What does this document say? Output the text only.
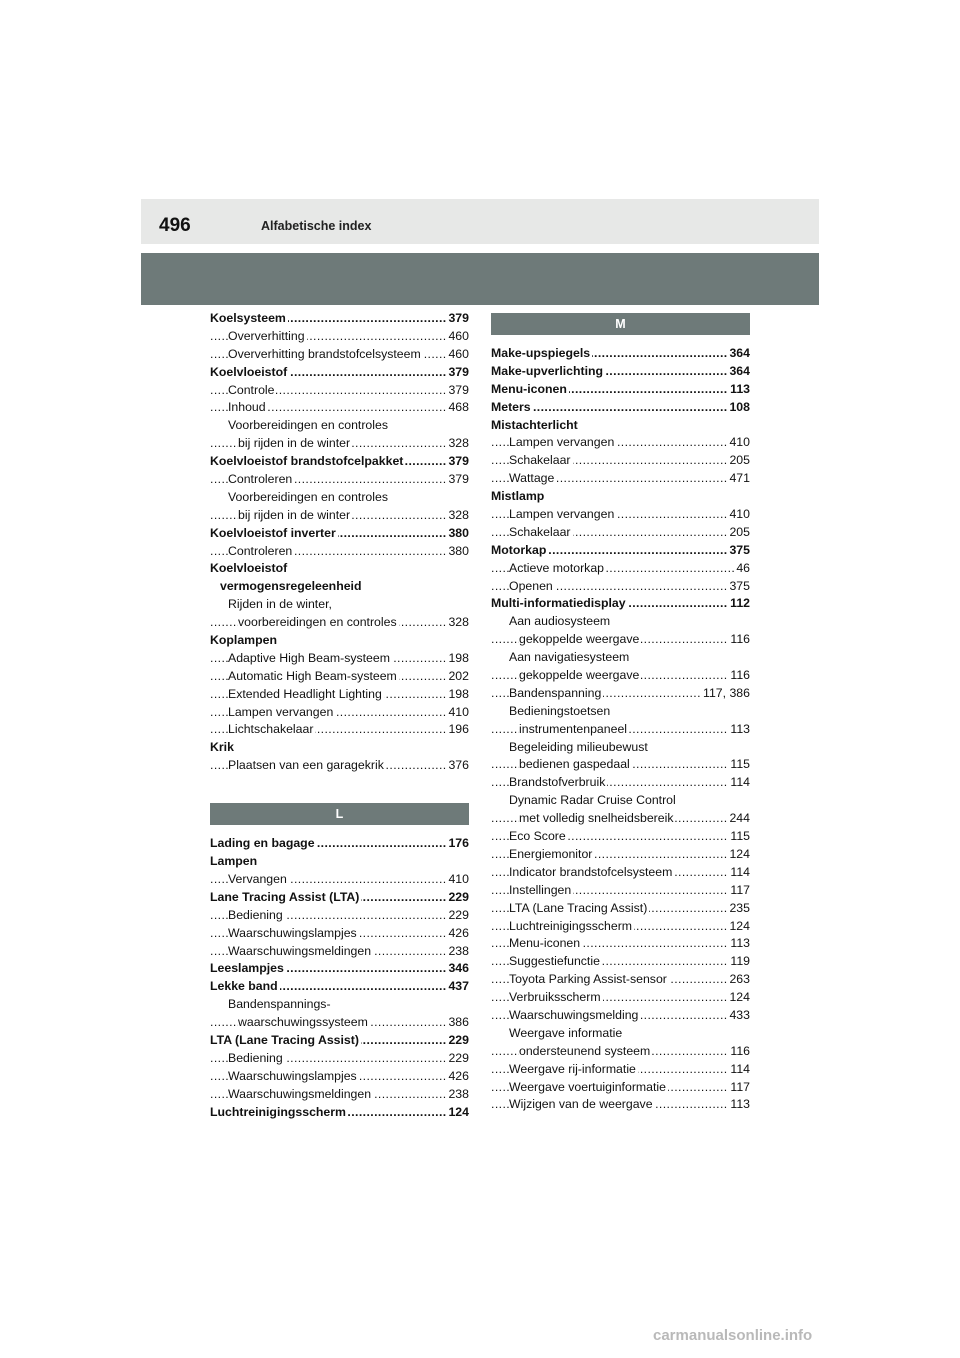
496	Alfabetische index
Koelsysteem	379
.....
Oververhitting	460
.....
Oververhitting brandstofcelsysteem 460
.....
Koelvloeistof	379
.....
Controle	379
.....
Inhoud	468
.....
Voorbereidingen en controles
bij rijden in de winter	328
.....
Koelvloeistof brandstofcelpakket	379
.....
Controleren	379
.....
Voorbereidingen en controles
bij rijden in de winter	328
.....
Koelvloeistof inverter	380
.....
Controleren	380
.....
Koelvloeistof
vermogensregeleenheid
Rijden in de winter,
voorbereidingen en controles	328
.....
Koplampen
Adaptive High Beam-systeem	198
.....
Automatic High Beam-systeem	202
.....
Extended Headlight Lighting	198
.....
Lampen vervangen	410
.....
Lichtschakelaar	196
.....
Krik
Plaatsen van een garagekrik	376
.....
L
Lading en bagage	176
.....
Lampen
Vervangen	410
.....
Lane Tracing Assist (LTA)	229
.....
Bediening	229
.....
Waarschuwingslampjes	426
.....
Waarschuwingsmeldingen	238
.....
Leeslampjes	346
.....
Lekke band	437
.....
Bandenspannings-
waarschuwingssysteem	386
.....
LTA (Lane Tracing Assist)	229
.....
Bediening	229
.....
Waarschuwingslampjes	426
.....
Waarschuwingsmeldingen	238
.....
Luchtreinigingsscherm	124
.....
M
Make-upspiegels	364
.....
Make-upverlichting	364
.....
Menu-iconen	113
.....
Meters	108
.....
Mistachterlicht
Lampen vervangen	410
.....
Schakelaar	205
.....
Wattage	471
.....
Mistlamp
Lampen vervangen	410
.....
Schakelaar	205
.....
Motorkap	375
.....
Actieve motorkap	46
.....
Openen	375
.....
Multi-informatiedisplay	112
.....
Aan audiosysteem
gekoppelde weergave	116
.....
Aan navigatiesysteem
gekoppelde weergave	116
.....
Bandenspanning	117, 386
.....
Bedieningstoetsen
instrumentenpaneel	113
.....
Begeleiding milieubewust
bedienen gaspedaal	115
.....
Brandstofverbruik	114
.....
Dynamic Radar Cruise Control
met volledig snelheidsbereik	244
.....
Eco Score	115
.....
Energiemonitor	124
.....
Indicator brandstofcelsysteem	114
.....
Instellingen	117
.....
LTA (Lane Tracing Assist)	235
.....
Luchtreinigingsscherm	124
.....
Menu-iconen	113
.....
Suggestiefunctie	119
.....
Toyota Parking Assist-sensor	263
.....
Verbruiksscherm	124
.....
Waarschuwingsmelding	433
.....
Weergave informatie
ondersteunend systeem	116
.....
Weergave rij-informatie	114
.....
Weergave voertuiginformatie	117
.....
Wijzigen van de weergave	113
.....
carmanualsonline.info
